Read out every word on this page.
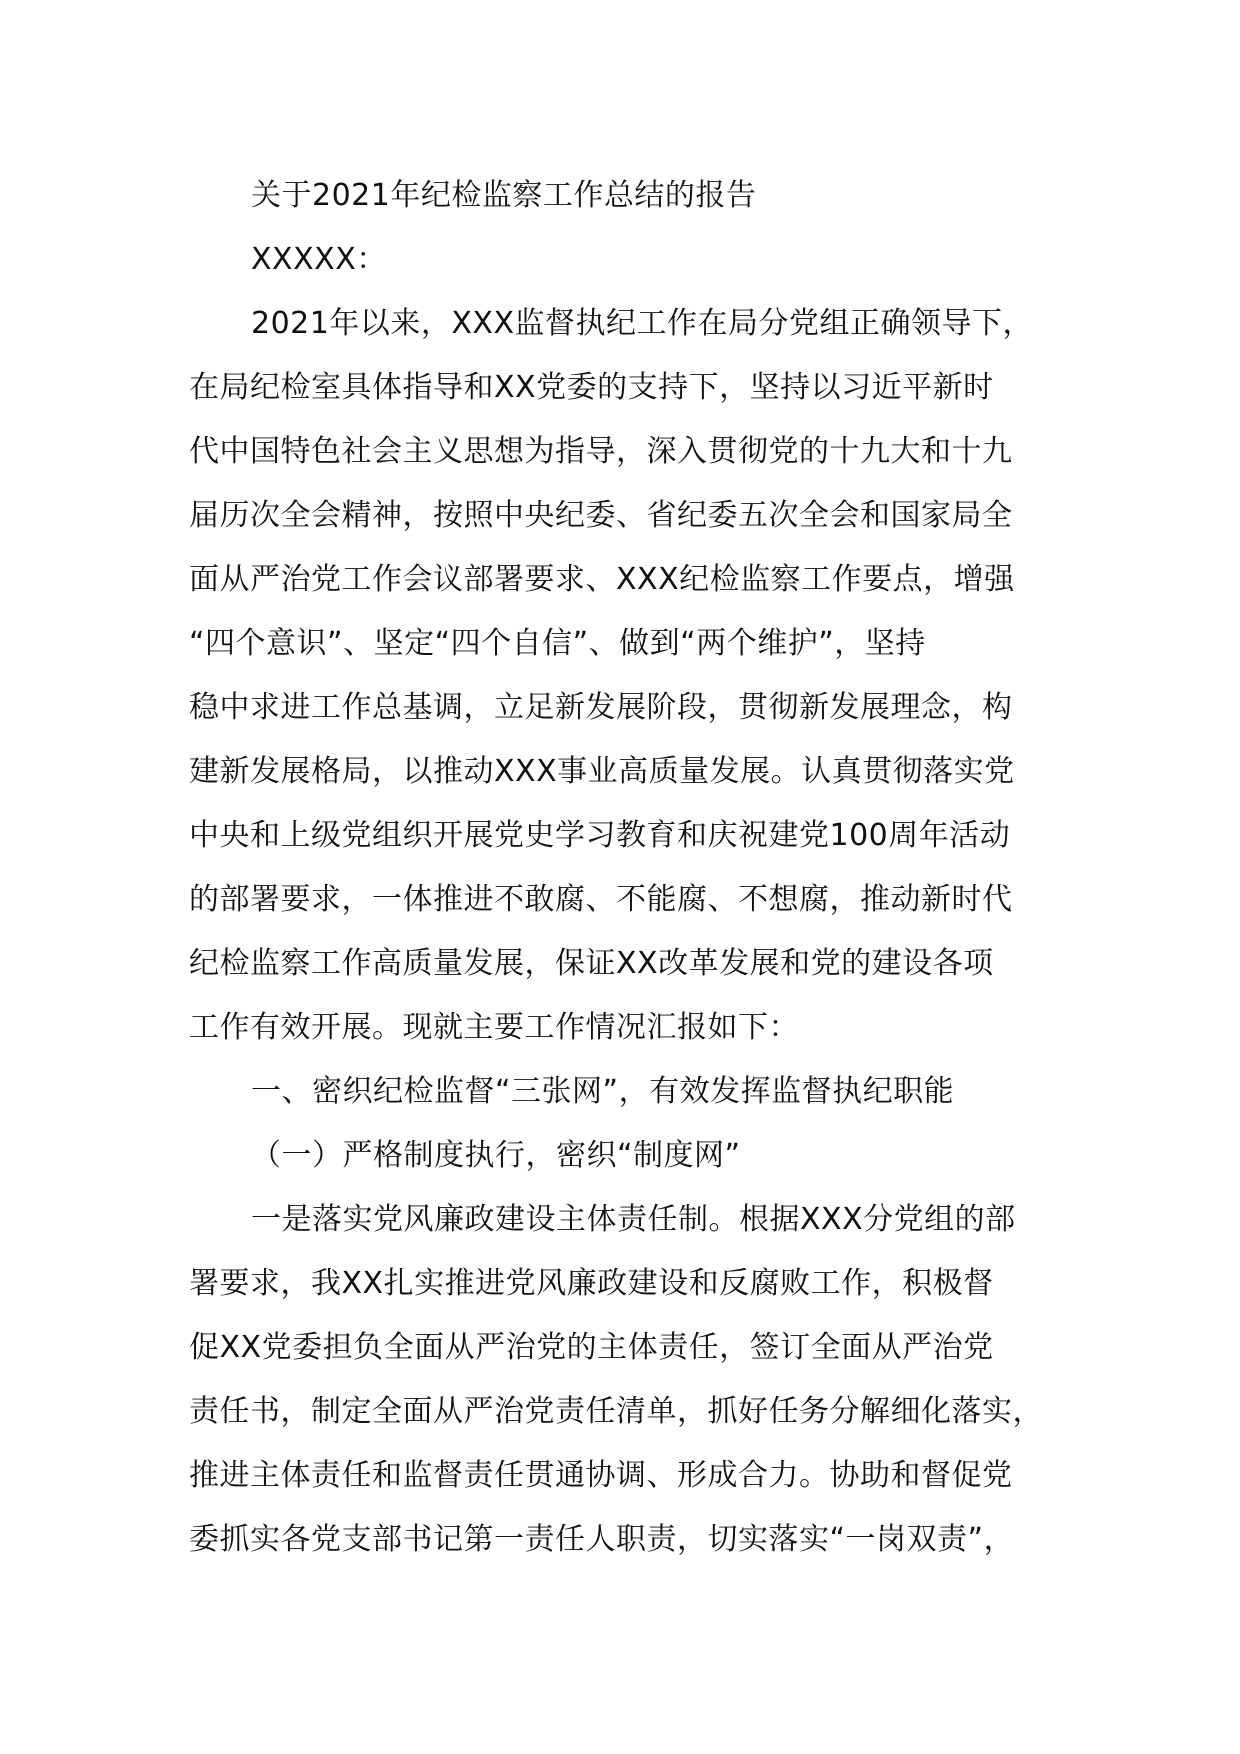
关于2021年纪检监察工作总结的报告
XXXXX：
2021年以来，XXX监督执纪工作在局分党组正确领导下，
在局纪检室具体指导和XX党委的支持下，坚持以习近平新时
代中国特色社会主义思想为指导，深入贯彻党的十九大和十九
届历次全会精神，按照中央纪委、省纪委五次全会和国家局全
面从严治党工作会议部署要求、XXX纪检监察工作要点，增强
“四个意识”、坚定“四个自信”、做到“两个维护”，坚持
稳中求进工作总基调，立足新发展阶段，贯彻新发展理念，构
建新发展格局，以推动XXX事业高质量发展。认真贯彻落实党
中央和上级党组织开展党史学习教育和庆祝建党100周年活动
的部署要求，一体推进不敢腐、不能腐、不想腐，推动新时代
纪检监察工作高质量发展，保证XX改革发展和党的建设各项
工作有效开展。现就主要工作情况汇报如下：
一、密织纪检监督“三张网”，有效发挥监督执纪职能
（一）严格制度执行，密织“制度网”
一是落实党风廉政建设主体责任制。根据XXX分党组的部
署要求，我XX扎实推进党风廉政建设和反腐败工作，积极督
促XX党委担负全面从严治党的主体责任，签订全面从严治党
责任书，制定全面从严治党责任清单，抓好任务分解细化落实，
推进主体责任和监督责任贯通协调、形成合力。协助和督促党
委抓实各党支部书记第一责任人职责，切实落实“一岗双责”，
